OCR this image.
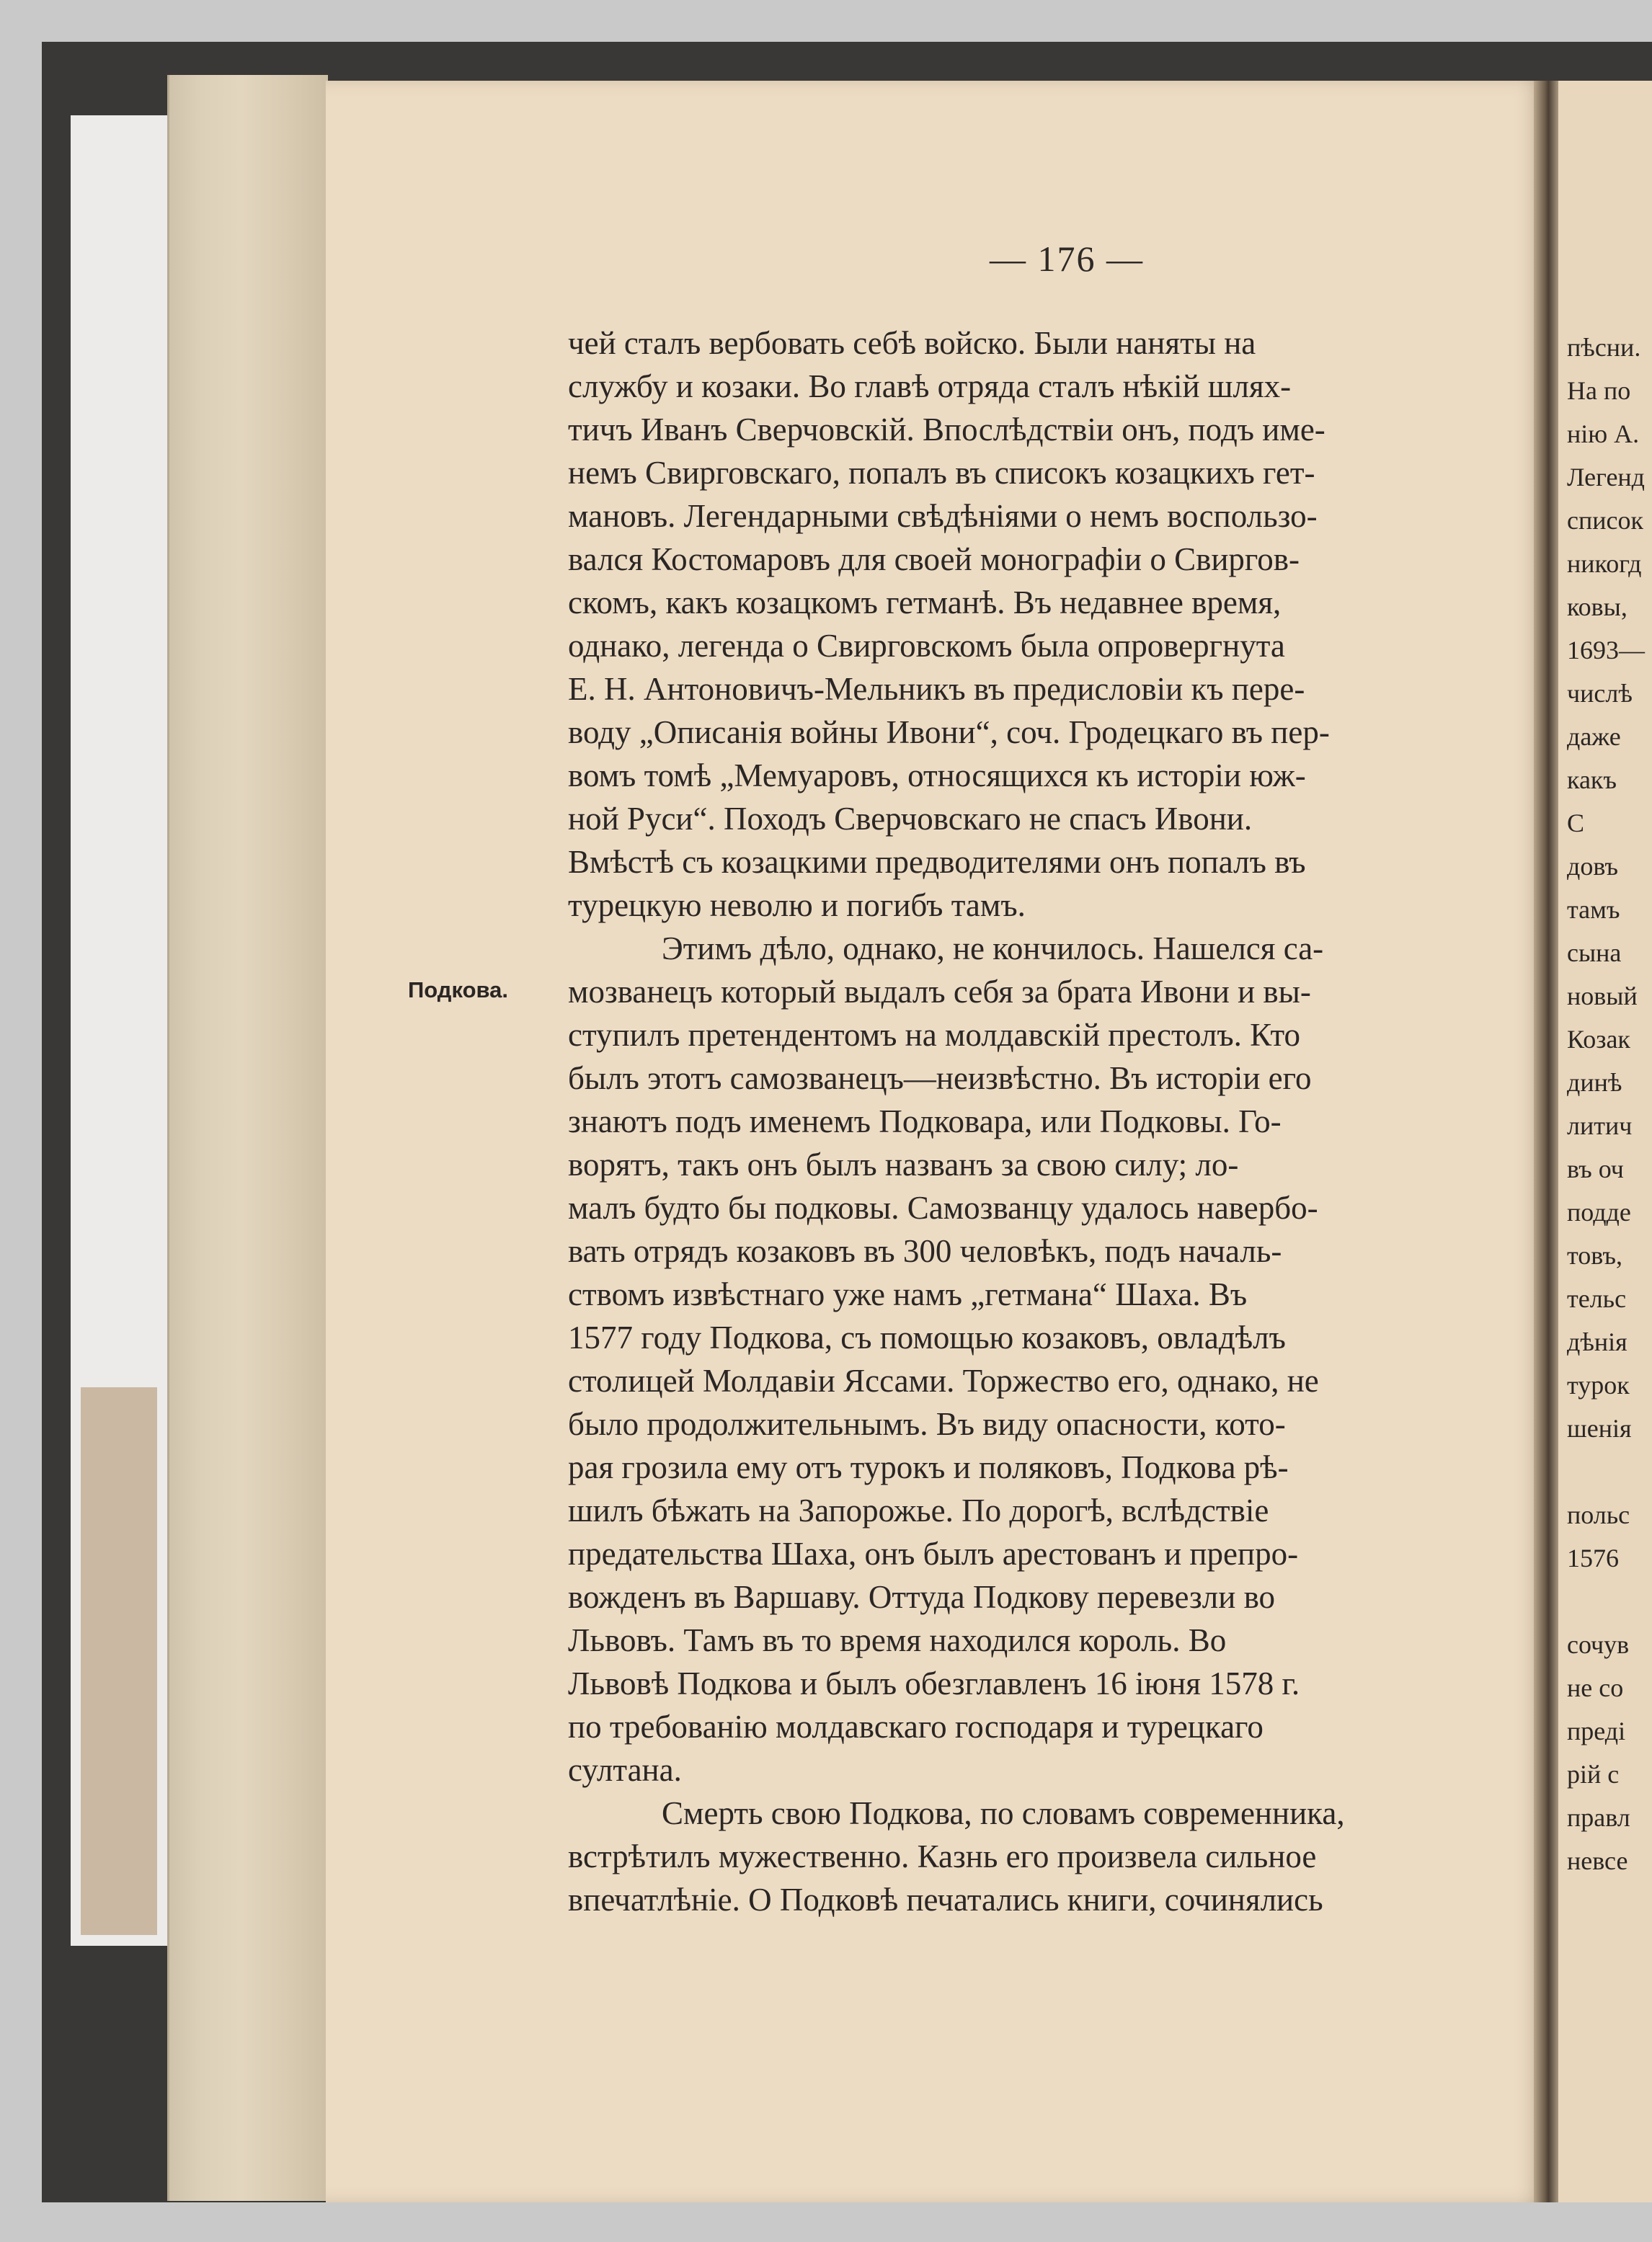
— 176 —
Подкова.
чей сталъ вербовать себѣ войско. Были наняты на
службу и козаки. Во главѣ отряда сталъ нѣкій шлях-
тичъ Иванъ Сверчовскій. Впослѣдствіи онъ, подъ име-
немъ Свирговскаго, попалъ въ списокъ козацкихъ гет-
мановъ. Легендарными свѣдѣніями о немъ воспользо-
вался Костомаровъ для своей монографіи о Свиргов-
скомъ, какъ козацкомъ гетманѣ. Въ недавнее время,
однако, легенда о Свирговскомъ была опровергнута
Е. Н. Антоновичъ-Мельникъ въ предисловіи къ пере-
воду „Описанія войны Ивони“, соч. Гродецкаго въ пер-
вомъ томѣ „Мемуаровъ, относящихся къ исторіи юж-
ной Руси“. Походъ Сверчовскаго не спасъ Ивони.
Вмѣстѣ съ козацкими предводителями онъ попалъ въ
турецкую неволю и погибъ тамъ.
Этимъ дѣло, однако, не кончилось. Нашелся са-
мозванецъ который выдалъ себя за брата Ивони и вы-
ступилъ претендентомъ на молдавскій престолъ. Кто
былъ этотъ самозванецъ—неизвѣстно. Въ исторіи его
знаютъ подъ именемъ Подковара, или Подковы. Го-
ворятъ, такъ онъ былъ названъ за свою силу; ло-
малъ будто бы подковы. Самозванцу удалось навербо-
вать отрядъ козаковъ въ 300 человѣкъ, подъ началь-
ствомъ извѣстнаго уже намъ „гетмана“ Шаха. Въ
1577 году Подкова, съ помощью козаковъ, овладѣлъ
столицей Молдавіи Яссами. Торжество его, однако, не
было продолжительнымъ. Въ виду опасности, кото-
рая грозила ему отъ турокъ и поляковъ, Подкова рѣ-
шилъ бѣжать на Запорожье. По дорогѣ, вслѣдствіе
предательства Шаха, онъ былъ арестованъ и препро-
вожденъ въ Варшаву. Оттуда Подкову перевезли во
Львовъ. Тамъ въ то время находился король. Во
Львовѣ Подкова и былъ обезглавленъ 16 іюня 1578 г.
по требованію молдавскаго господаря и турецкаго
султана.
Смерть свою Подкова, по словамъ современника,
встрѣтилъ мужественно. Казнь его произвела сильное
впечатлѣніе. О Подковѣ печатались книги, сочинялись
пѣсни.
На по
нію А.
Легенд
список
никогд
ковы,
1693—
числѣ
даже
какъ
С
довъ
тамъ
сына
новый
Козак
динѣ
литич
въ оч
подде
товъ,
тельс
дѣнія
турок
шенія
польс
1576
сочув
не со
преді
рій с
правл
невсе
